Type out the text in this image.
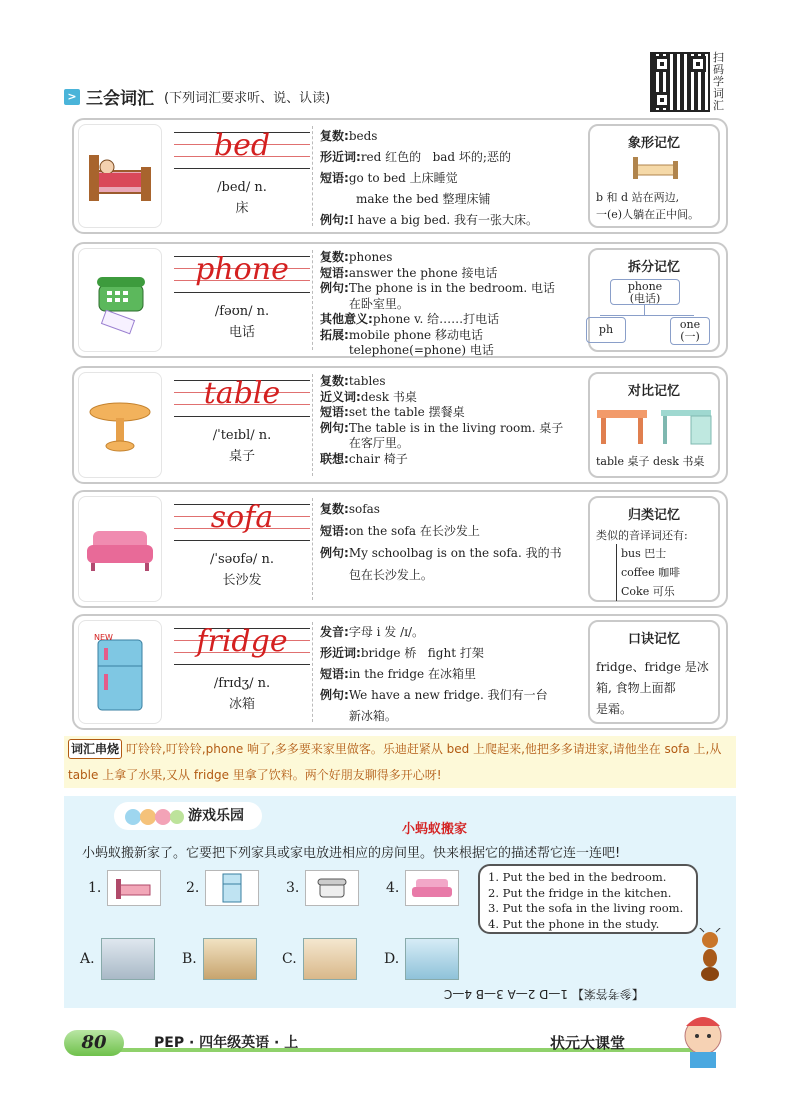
> 三会词汇 (下列词汇要求听、说、认读)
扫码学词汇
bed
/bed/ n.
床
复数: beds
形近词: red 红色的   bad 坏的;恶的
短语: go to bed 上床睡觉
make the bed 整理床铺
例句: I have a big bed. 我有一张大床。
象形记忆
b 和 d 站在两边,
一(e)人躺在正中间。
phone
/fəʊn/ n.
电话
复数: phones
短语: answer the phone 接电话
例句: The phone is in the bedroom. 电话
在卧室里。
其他意义: phone v. 给……打电话
拓展: mobile phone 移动电话
telephone(=phone) 电话
拆分记忆
phone
(电话)
ph	one
(一)
table
/ˈteɪbl/ n.
桌子
复数: tables
近义词: desk 书桌
短语: set the table 摆餐桌
例句: The table is in the living room. 桌子
在客厅里。
联想: chair 椅子
对比记忆
table 桌子 desk 书桌
sofa
/ˈsəʊfə/ n.
长沙发
复数: sofas
短语: on the sofa 在长沙发上
例句: My schoolbag is on the sofa. 我的书
包在长沙发上。
归类记忆
类似的音译词还有:
bus 巴士
coffee 咖啡
Coke 可乐
NEW	fridge
/frɪdʒ/ n.
冰箱
发音: 字母 i 发 /ɪ/。
形近词: bridge 桥   fight 打架
短语: in the fridge 在冰箱里
例句: We have a new fridge. 我们有一台
新冰箱。
口诀记忆
fridge、fridge 是冰
箱, 食物上面都
是霜。
词汇串烧 叮铃铃,叮铃铃,phone 响了,多多要来家里做客。乐迪赶紧从 bed 上爬起来,他把多多请进家,请他坐在 sofa 上,从 table 上拿了水果,又从 fridge 里拿了饮料。两个好朋友聊得多开心呀!
游戏乐园
小蚂蚁搬家
小蚂蚁搬新家了。它要把下列家具或家电放进相应的房间里。快来根据它的描述帮它连一连吧!
1.	2.	3.	4.
A.	B.	C.	D.
1. Put the bed in the bedroom.
2. Put the fridge in the kitchen.
3. Put the sofa in the living room.
4. Put the phone in the study.
【参考答案】 1—D 2—A 3—B 4—C
80	PEP · 四年级英语 · 上	状元大课堂
